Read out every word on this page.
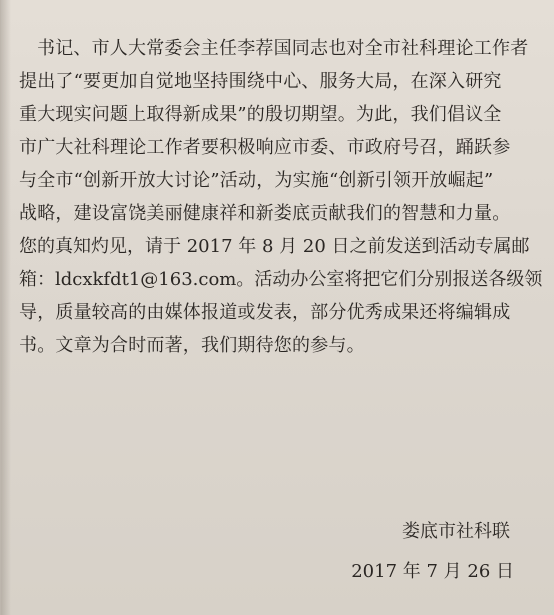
书记、市人大常委会主任李荐国同志也对全市社科理论工作者
提出了“要更加自觉地坚持围绕中心、服务大局，在深入研究
重大现实问题上取得新成果”的殷切期望。为此，我们倡议全
市广大社科理论工作者要积极响应市委、市政府号召，踊跃参
与全市“创新开放大讨论”活动，为实施“创新引领开放崛起”
战略，建设富饶美丽健康祥和新娄底贡献我们的智慧和力量。
您的真知灼见，请于 2017 年 8 月 20 日之前发送到活动专属邮
箱：ldcxkfdt1@163.com。活动办公室将把它们分别报送各级领
导，质量较高的由媒体报道或发表，部分优秀成果还将编辑成
书。文章为合时而著，我们期待您的参与。
娄底市社科联
2017 年 7 月 26 日
